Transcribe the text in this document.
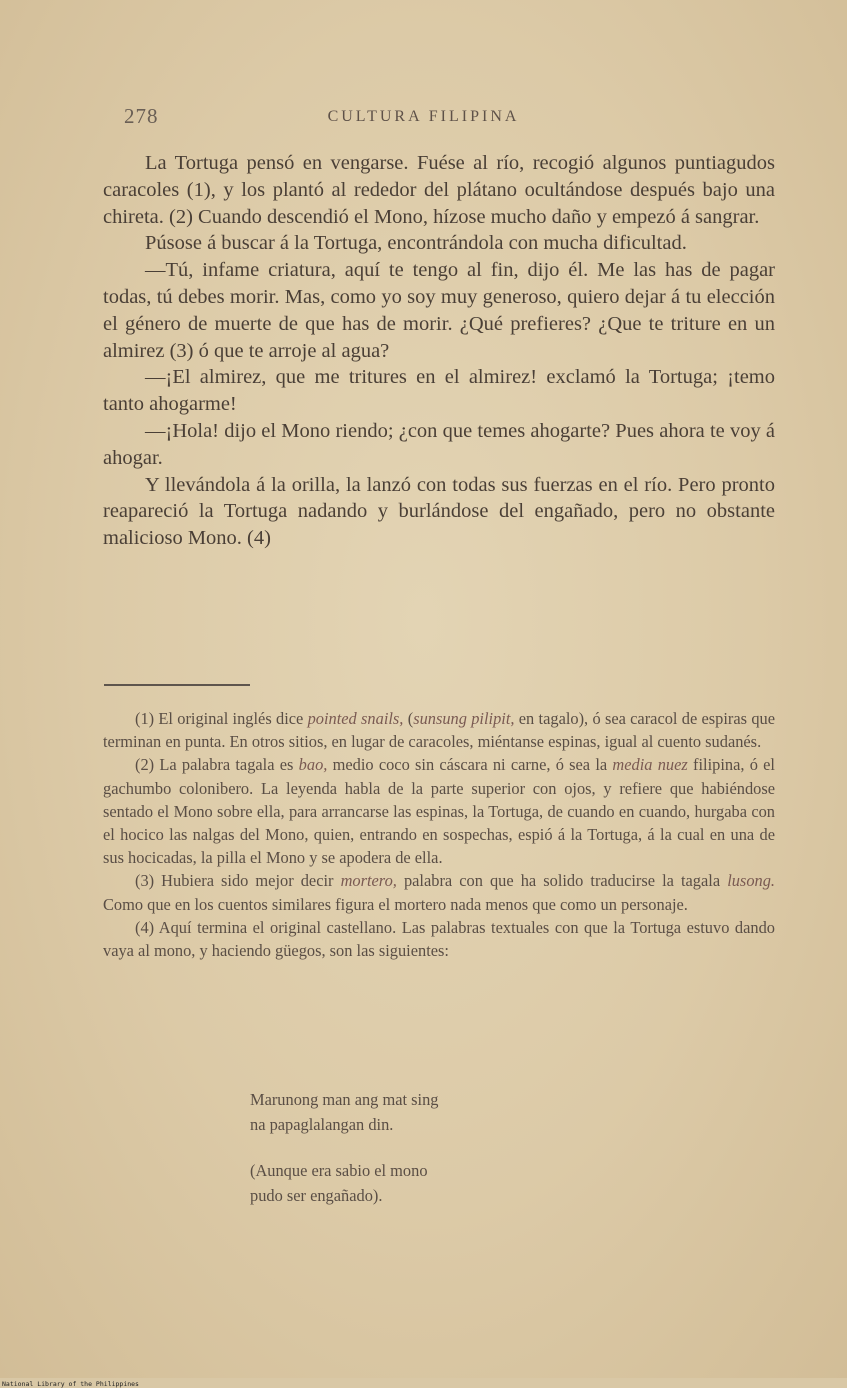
278	CULTURA FILIPINA

La Tortuga pensó en vengarse. Fuése al río, recogió algunos puntiagudos caracoles (1), y los plantó al rededor del plátano ocultándose después bajo una chireta. (2) Cuando descendió el Mono, hízose mucho daño y empezó á sangrar.

Púsose á buscar á la Tortuga, encontrándola con mucha dificultad.

—Tú, infame criatura, aquí te tengo al fin, dijo él. Me las has de pagar todas, tú debes morir. Mas, como yo soy muy generoso, quiero dejar á tu elección el género de muerte de que has de morir. ¿Qué prefieres? ¿Que te triture en un almirez (3) ó que te arroje al agua?

—¡El almirez, que me tritures en el almirez! exclamó la Tortuga; ¡temo tanto ahogarme!

—¡Hola! dijo el Mono riendo; ¿con que temes ahogarte? Pues ahora te voy á ahogar.

Y llevándola á la orilla, la lanzó con todas sus fuerzas en el río. Pero pronto reapareció la Tortuga nadando y burlándose del engañado, pero no obstante malicioso Mono. (4)

(1) El original inglés dice pointed snails, (sunsung pilipit, en tagalo), ó sea caracol de espiras que terminan en punta. En otros sitios, en lugar de caracoles, miéntanse espinas, igual al cuento sudanés.

(2) La palabra tagala es bao, medio coco sin cáscara ni carne, ó sea la media nuez filipina, ó el gachumbo colonibero. La leyenda habla de la parte superior con ojos, y refiere que habiéndose sentado el Mono sobre ella, para arrancarse las espinas, la Tortuga, de cuando en cuando, hurgaba con el hocico las nalgas del Mono, quien, entrando en sospechas, espió á la Tortuga, á la cual en una de sus hocicadas, la pilla el Mono y se apodera de ella.

(3) Hubiera sido mejor decir mortero, palabra con que ha solido traducirse la tagala lusong. Como que en los cuentos similares figura el mortero nada menos que como un personaje.

(4) Aquí termina el original castellano. Las palabras textuales con que la Tortuga estuvo dando vaya al mono, y haciendo güegos, son las siguientes:

Marunong man ang mat sing

na papaglalangan din.

(Aunque era sabio el mono

pudo ser engañado).

National Library of the Philippines
